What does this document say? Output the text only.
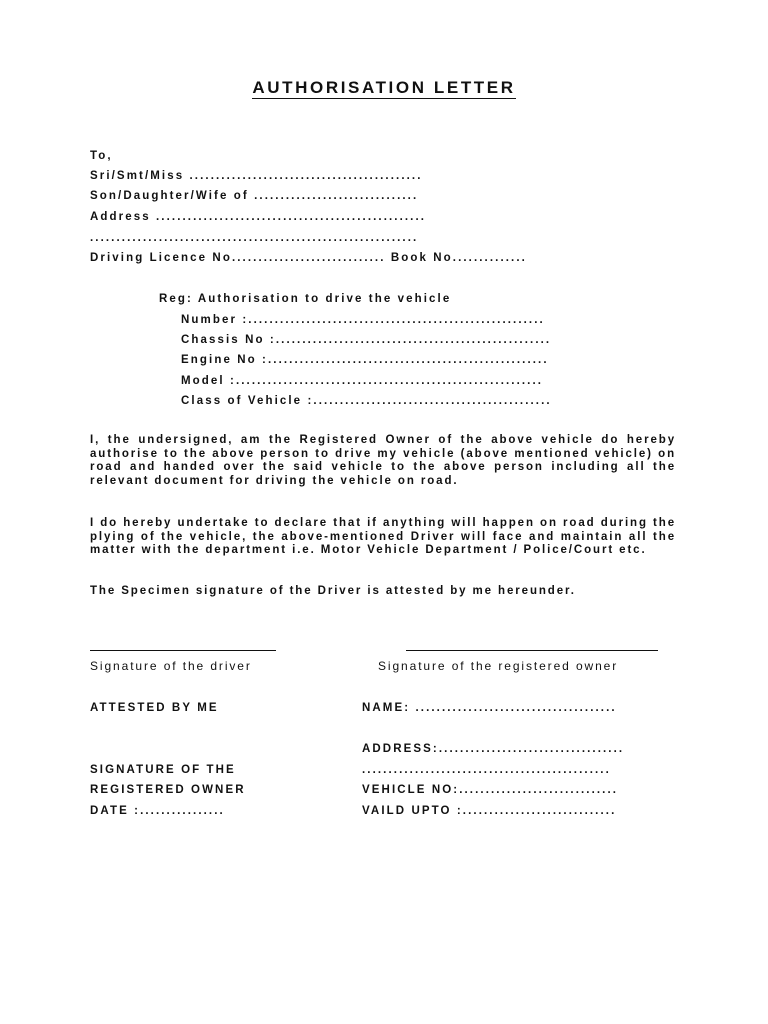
AUTHORISATION LETTER
To,
Sri/Smt/Miss ............................................
Son/Daughter/Wife of ...............................
Address ...................................................
..............................................................
Driving Licence No............................. Book No..............
Reg: Authorisation to drive the vehicle
Number :........................................................
Chassis No :....................................................
Engine No :.....................................................
Model :..........................................................
Class of Vehicle :.............................................
I, the undersigned, am the Registered Owner of the above vehicle do hereby authorise to the above person to drive my vehicle (above mentioned vehicle) on road and handed over the said vehicle to the above person including all the relevant document for driving the vehicle on road.
I do hereby undertake to declare that if anything will happen on road during the plying of the vehicle, the above-mentioned Driver will face and maintain all the matter with the department i.e. Motor Vehicle Department / Police/Court etc.
The Specimen signature of the Driver is attested by me hereunder.
Signature of the driver	Signature of the registered owner
ATTESTED BY ME
SIGNATURE OF THE
REGISTERED OWNER
DATE :................
NAME: ......................................
ADDRESS:...................................
...............................................
VEHICLE NO:..............................
VAILD UPTO :.............................
